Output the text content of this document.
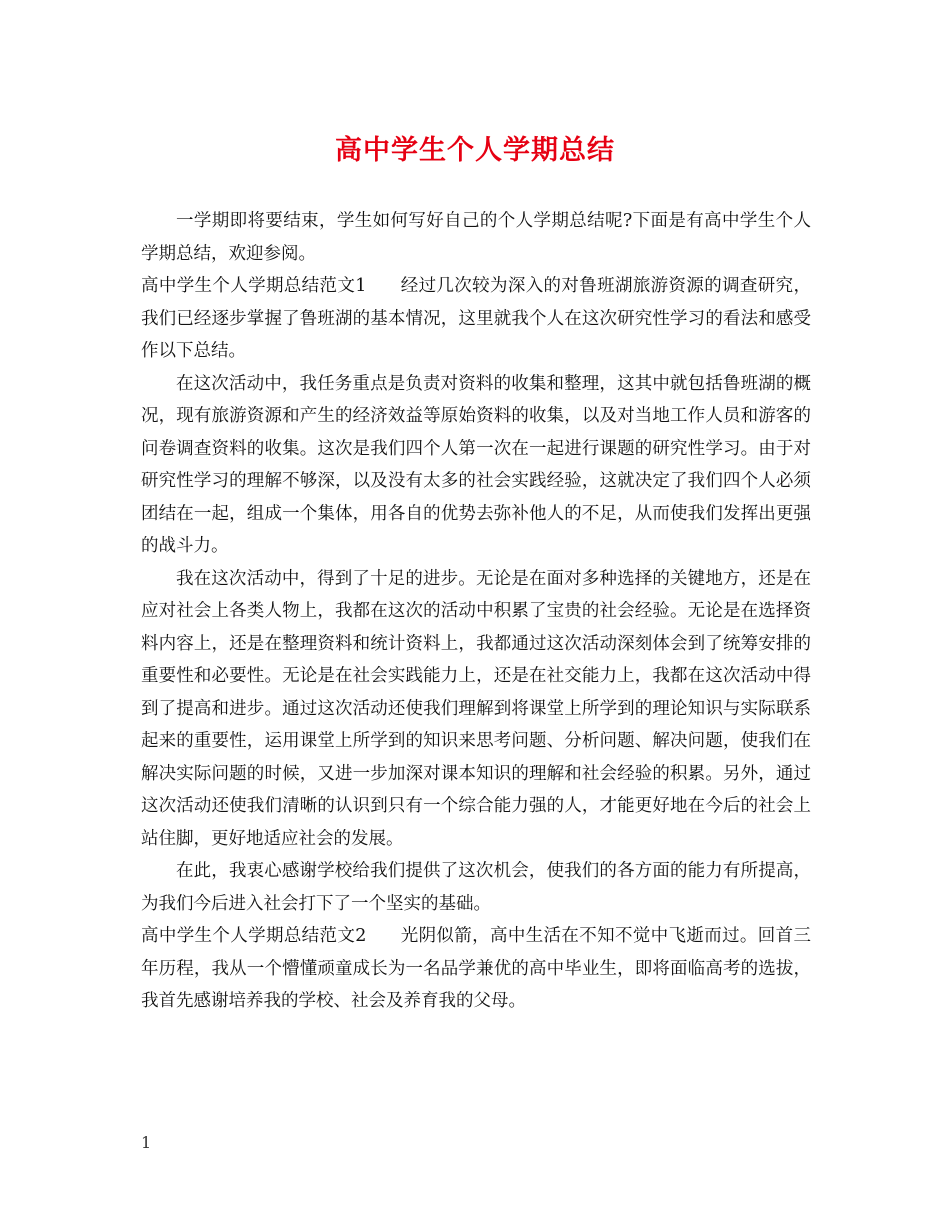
高中学生个人学期总结

一学期即将要结束，学生如何写好自己的个人学期总结呢?下面是有高中学生个人学期总结，欢迎参阅。

高中学生个人学期总结范文1 经过几次较为深入的对鲁班湖旅游资源的调查研究，我们已经逐步掌握了鲁班湖的基本情况，这里就我个人在这次研究性学习的看法和感受作以下总结。

在这次活动中，我任务重点是负责对资料的收集和整理，这其中就包括鲁班湖的概况，现有旅游资源和产生的经济效益等原始资料的收集，以及对当地工作人员和游客的问卷调查资料的收集。这次是我们四个人第一次在一起进行课题的研究性学习。由于对研究性学习的理解不够深，以及没有太多的社会实践经验，这就决定了我们四个人必须团结在一起，组成一个集体，用各自的优势去弥补他人的不足，从而使我们发挥出更强的战斗力。

我在这次活动中，得到了十足的进步。无论是在面对多种选择的关键地方，还是在应对社会上各类人物上，我都在这次的活动中积累了宝贵的社会经验。无论是在选择资料内容上，还是在整理资料和统计资料上，我都通过这次活动深刻体会到了统筹安排的重要性和必要性。无论是在社会实践能力上，还是在社交能力上，我都在这次活动中得到了提高和进步。通过这次活动还使我们理解到将课堂上所学到的理论知识与实际联系起来的重要性，运用课堂上所学到的知识来思考问题、分析问题、解决问题，使我们在解决实际问题的时候，又进一步加深对课本知识的理解和社会经验的积累。另外，通过这次活动还使我们清晰的认识到只有一个综合能力强的人，才能更好地在今后的社会上站住脚，更好地适应社会的发展。

在此，我衷心感谢学校给我们提供了这次机会，使我们的各方面的能力有所提高，为我们今后进入社会打下了一个坚实的基础。

高中学生个人学期总结范文2 光阴似箭，高中生活在不知不觉中飞逝而过。回首三年历程，我从一个懵懂顽童成长为一名品学兼优的高中毕业生，即将面临高考的选拔，我首先感谢培养我的学校、社会及养育我的父母。

1
